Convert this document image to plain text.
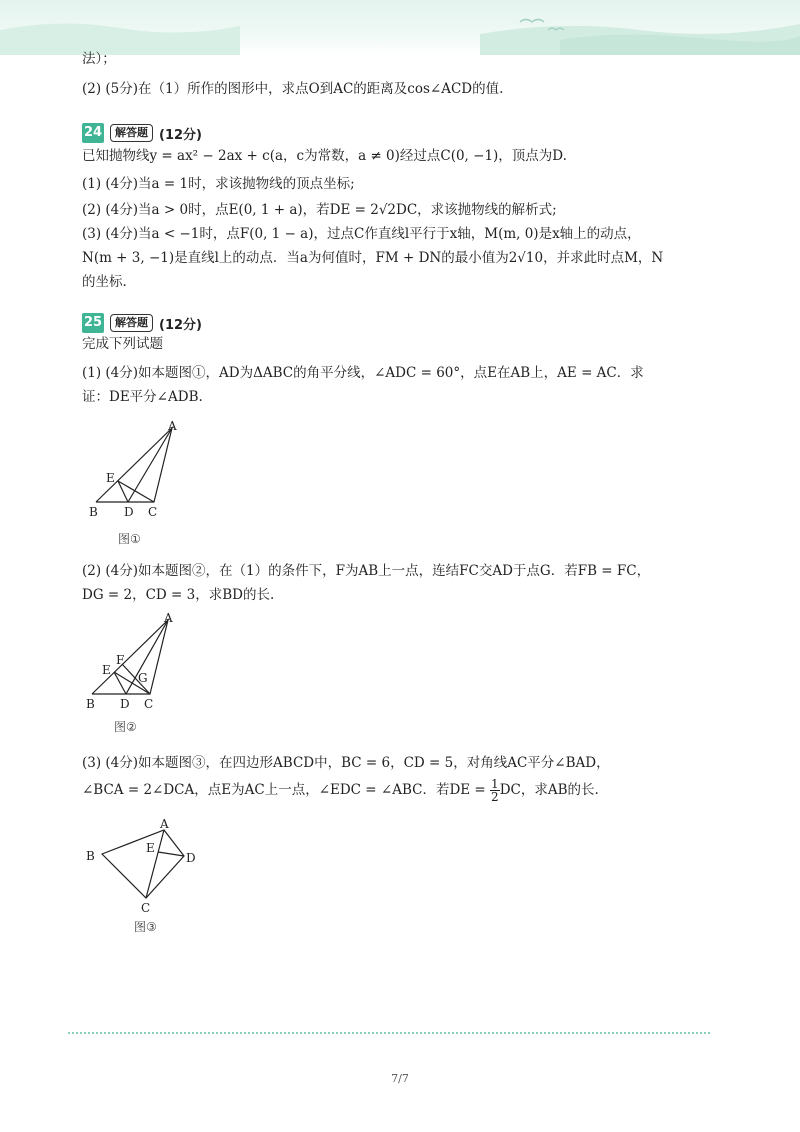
法）；
(2) (5分)在（1）所作的图形中，求点O到AC的距离及cos∠ACD的值.
24	解答题 (12分)
已知抛物线y = ax² − 2ax + c(a，c为常数，a ≠ 0)经过点C(0, −1)，顶点为D.
(1) (4分)当a = 1时，求该抛物线的顶点坐标;
(2) (4分)当a > 0时，点E(0, 1 + a)，若DE = 2√2DC，求该抛物线的解析式;
(3) (4分)当a < −1时，点F(0, 1 − a)，过点C作直线l平行于x轴，M(m, 0)是x轴上的动点，
N(m + 3, −1)是直线l上的动点．当a为何值时，FM + DN的最小值为2√10，并求此时点M，N
的坐标.
25	解答题 (12分)
完成下列试题
(1) (4分)如本题图①，AD为ΔABC的角平分线，∠ADC = 60°，点E在AB上，AE = AC．求
证：DE平分∠ADB.
A
E
B D C
图①
(2) (4分)如本题图②，在（1）的条件下，F为AB上一点，连结FC交AD于点G．若FB = FC，
DG = 2，CD = 3，求BD的长.
A
F
E
G
B D C
图②
(3) (4分)如本题图③，在四边形ABCD中，BC = 6，CD = 5，对角线AC平分∠BAD，
∠BCA = 2∠DCA，点E为AC上一点，∠EDC = ∠ABC．若DE = $\frac{1}{2}$ DC，求AB的长.
A
B
E
D
C
图③
7/7
